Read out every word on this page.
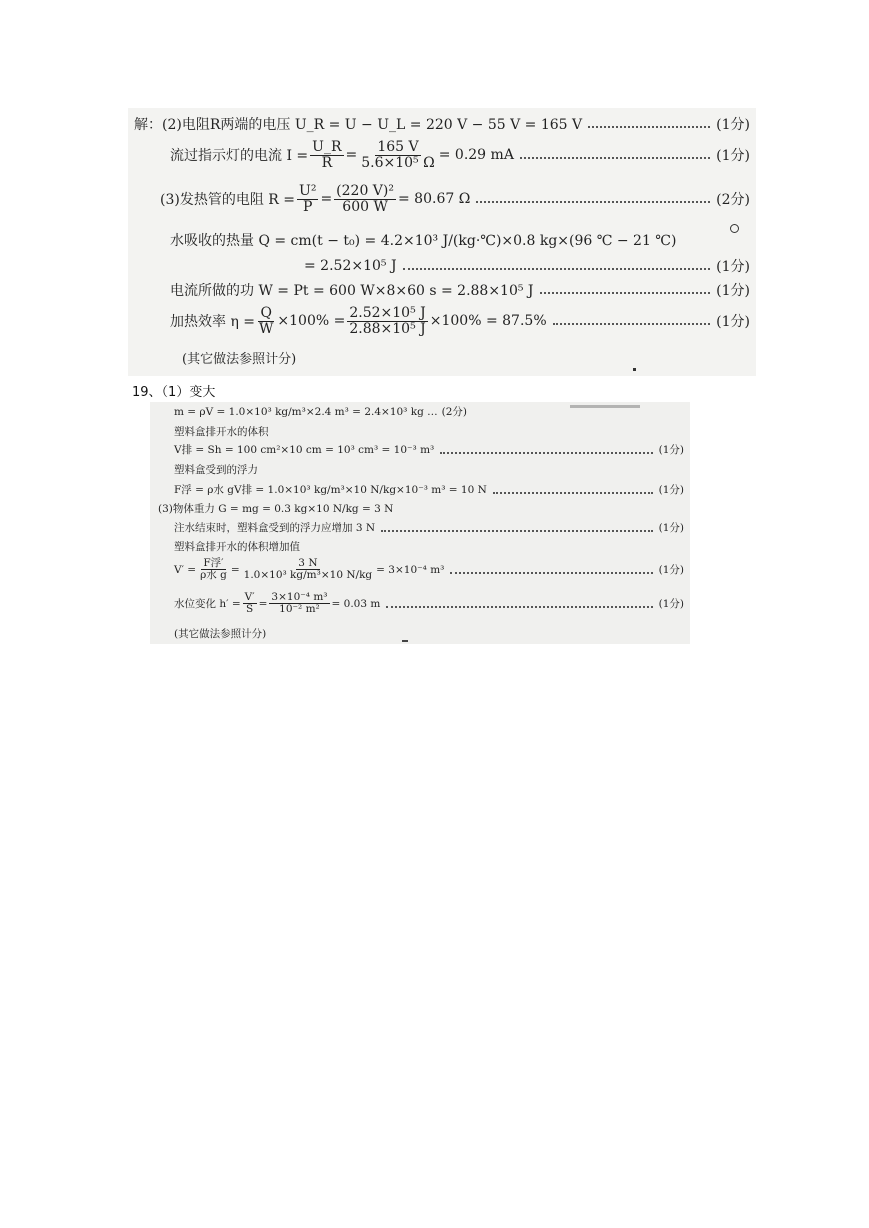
解：(2)电阻R两端的电压 U_R = U − U_L = 220 V − 55 V = 165 V	(1分)
流过指示灯的电流 $I = \frac{U\_R}{R} = \frac{165 V}{\text{5.6×10⁵ Ω}} = 0.29$ mA	(1分)
(3)发热管的电阻 $R = \frac{\text{U²}}{P} = \frac{\text{(220 V)²}}{600 W} = 80.67$ Ω	(2分)
水吸收的热量 Q = cm(t − t₀) = 4.2×10³ J/(kg·℃)×0.8 kg×(96 ℃ − 21 ℃)
= 2.52×10⁵ J	(1分)
电流所做的功 W = Pt = 600 W×8×60 s = 2.88×10⁵ J	(1分)
加热效率 $\eta = \frac{Q}{W} \times 100\% = \frac{\text{2.52×10⁵ J}}{\text{2.88×10⁵ J}} \times 100\% = 87.5\%$	(1分)
(其它做法参照计分)
19、（1）变大
m = ρV = 1.0×10³ kg/m³×2.4 m³ = 2.4×10³ kg … (2分)
塑料盒排开水的体积
V排 = Sh = 100 cm²×10 cm = 10³ cm³ = 10⁻³ m³	(1分)
塑料盒受到的浮力
F浮 = ρ水 gV排 = 1.0×10³ kg/m³×10 N/kg×10⁻³ m³ = 10 N	(1分)
(3)物体重力 G = mg = 0.3 kg×10 N/kg = 3 N
注水结束时，塑料盒受到的浮力应增加 3 N	(1分)
塑料盒排开水的体积增加值
$V' = \frac{\text{F浮′}}{\text{ρ水 g}} = \frac{3 N}{\text{1.0×10³ kg/m³×10 N/kg}} = 3\times 10^{-4}$ m³	(1分)
水位变化 $h' = \frac{V'}{S} = \frac{\text{3×10⁻⁴ m³}}{\text{10⁻² m²}} = 0.03$ m	(1分)
(其它做法参照计分)
